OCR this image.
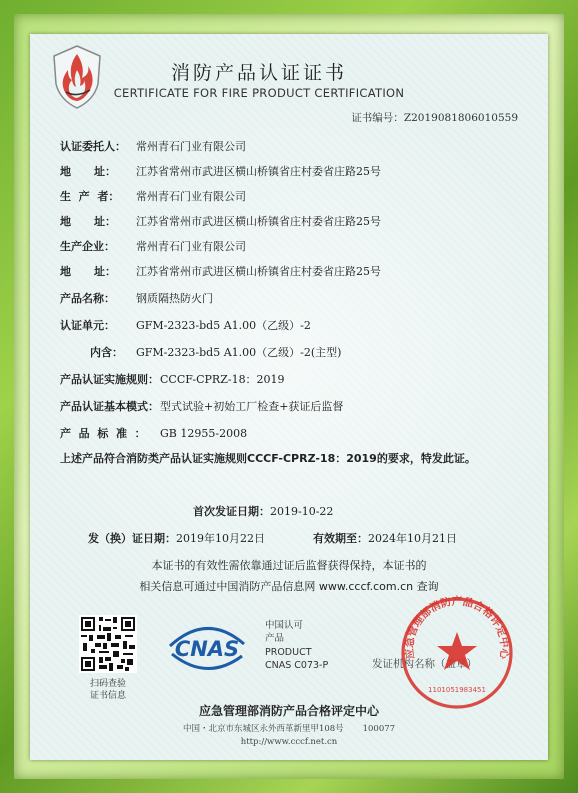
消防产品认证证书
CERTIFICATE FOR FIRE PRODUCT CERTIFICATION
证书编号：Z2019081806010559
认证委托人： 常州青石门业有限公司
地      址： 江苏省常州市武进区横山桥镇省庄村委省庄路25号
生  产  者： 常州青石门业有限公司
地      址： 江苏省常州市武进区横山桥镇省庄村委省庄路25号
生产企业： 常州青石门业有限公司
地      址： 江苏省常州市武进区横山桥镇省庄村委省庄路25号
产品名称： 钢质隔热防火门
认证单元： GFM-2323-bd5 A1.00（乙级）-2
内含： GFM-2323-bd5 A1.00（乙级）-2(主型)
产品认证实施规则：CCCF-CPRZ-18：2019
产品认证基本模式：型式试验+初始工厂检查+获证后监督
产  品  标  准  ： GB 12955-2008
上述产品符合消防类产品认证实施规则CCCF-CPRZ-18：2019的要求，特发此证。
首次发证日期：2019-10-22
发（换）证日期：2019年10月22日	有效期至：2024年10月21日
本证书的有效性需依靠通过证后监督获得保持，本证书的
相关信息可通过中国消防产品信息网 www.cccf.com.cn 查询
扫码查验
证书信息
CNAS
中国认可
产品
PRODUCT
CNAS C073-P	发证机构名称（盖章）
应急管理部消防产品合格评定中心
1101051983451
应急管理部消防产品合格评定中心
中国・北京市东城区永外西革新里甲108号       100077
http://www.cccf.net.cn
